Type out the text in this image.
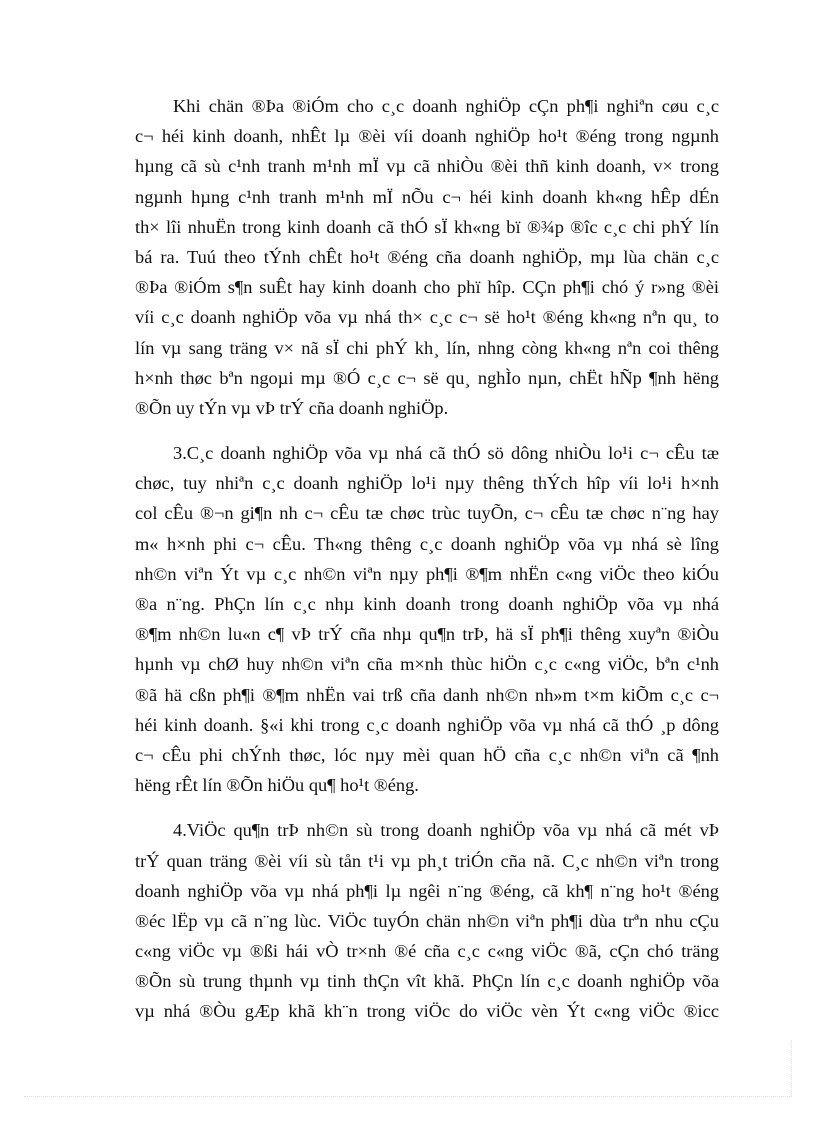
Khi chän ®Þa ®iÓm cho c¸c doanh nghiÖp cÇn ph¶i nghiªn cøu c¸c
c¬ héi kinh doanh, nhÊt lµ ®èi víi doanh nghiÖp ho¹t ®éng trong ngµnh
hµng cã sù c¹nh tranh m¹nh mÏ vµ cã nhiÒu ®èi thñ kinh doanh, v× trong
ngµnh hµng c¹nh tranh m¹nh mÏ nÕu c¬ héi kinh doanh kh«ng hÊp dÉn
th× lîi nhuËn trong kinh doanh cã thÓ sÏ kh«ng bï ®¾p ®îc c¸c chi phÝ lín
bá ra. Tuú theo tÝnh chÊt ho¹t ®éng cña doanh nghiÖp, mµ lùa chän c¸c
®Þa ®iÓm s¶n suÊt hay kinh doanh cho phï hîp. CÇn ph¶i chó ý r»ng ®èi
víi c¸c doanh nghiÖp võa vµ nhá th× c¸c c¬ së ho¹t ®éng kh«ng nªn qu¸ to
lín vµ sang träng v× nã sÏ chi phÝ kh¸ lín, nhng còng kh«ng nªn coi thêng
h×nh thøc bªn ngoµi mµ ®Ó c¸c c¬ së qu¸ nghÌo nµn, chËt hÑp ¶nh hëng
®Õn uy tÝn vµ vÞ trÝ cña doanh nghiÖp.
3.C¸c doanh nghiÖp võa vµ nhá cã thÓ sö dông nhiÒu lo¹i c¬ cÊu tæ
chøc, tuy nhiªn c¸c doanh nghiÖp lo¹i nµy thêng thÝch hîp víi lo¹i h×nh
col cÊu ®¬n gi¶n nh c¬ cÊu tæ chøc trùc tuyÕn, c¬ cÊu tæ chøc n¨ng hay
m« h×nh phi c¬ cÊu. Th«ng thêng c¸c doanh nghiÖp võa vµ nhá sè lîng
nh©n viªn Ýt vµ c¸c nh©n viªn nµy ph¶i ®¶m nhËn c«ng viÖc theo kiÓu
®a n¨ng. PhÇn lín c¸c nhµ kinh doanh trong doanh nghiÖp võa vµ nhá
®¶m nh©n lu«n c¶ vÞ trÝ cña nhµ qu¶n trÞ, hä sÏ ph¶i thêng xuyªn ®iÒu
hµnh vµ chØ huy nh©n viªn cña m×nh thùc hiÖn c¸c c«ng viÖc, bªn c¹nh
®ã hä cßn ph¶i ®¶m nhËn vai trß cña danh nh©n nh»m t×m kiÕm c¸c c¬
héi kinh doanh. §«i khi trong c¸c doanh nghiÖp võa vµ nhá cã thÓ ¸p dông
c¬ cÊu phi chÝnh thøc, lóc nµy mèi quan hÖ cña c¸c nh©n viªn cã ¶nh
hëng rÊt lín ®Õn hiÖu qu¶ ho¹t ®éng.
4.ViÖc qu¶n trÞ nh©n sù trong doanh nghiÖp võa vµ nhá cã mét vÞ
trÝ quan träng ®èi víi sù tån t¹i vµ ph¸t triÓn cña nã. C¸c nh©n viªn trong
doanh nghiÖp võa vµ nhá ph¶i lµ ngêi n¨ng ®éng, cã kh¶ n¨ng ho¹t ®éng
®éc lËp vµ cã n¨ng lùc. ViÖc tuyÓn chän nh©n viªn ph¶i dùa trªn nhu cÇu
c«ng viÖc vµ ®ßi hái vÒ tr×nh ®é cña c¸c c«ng viÖc ®ã, cÇn chó träng
®Õn sù trung thµnh vµ tinh thÇn vît khã. PhÇn lín c¸c doanh nghiÖp võa
vµ nhá ®Òu gÆp khã kh¨n trong viÖc do viÖc vèn Ýt c«ng viÖc ®icc
